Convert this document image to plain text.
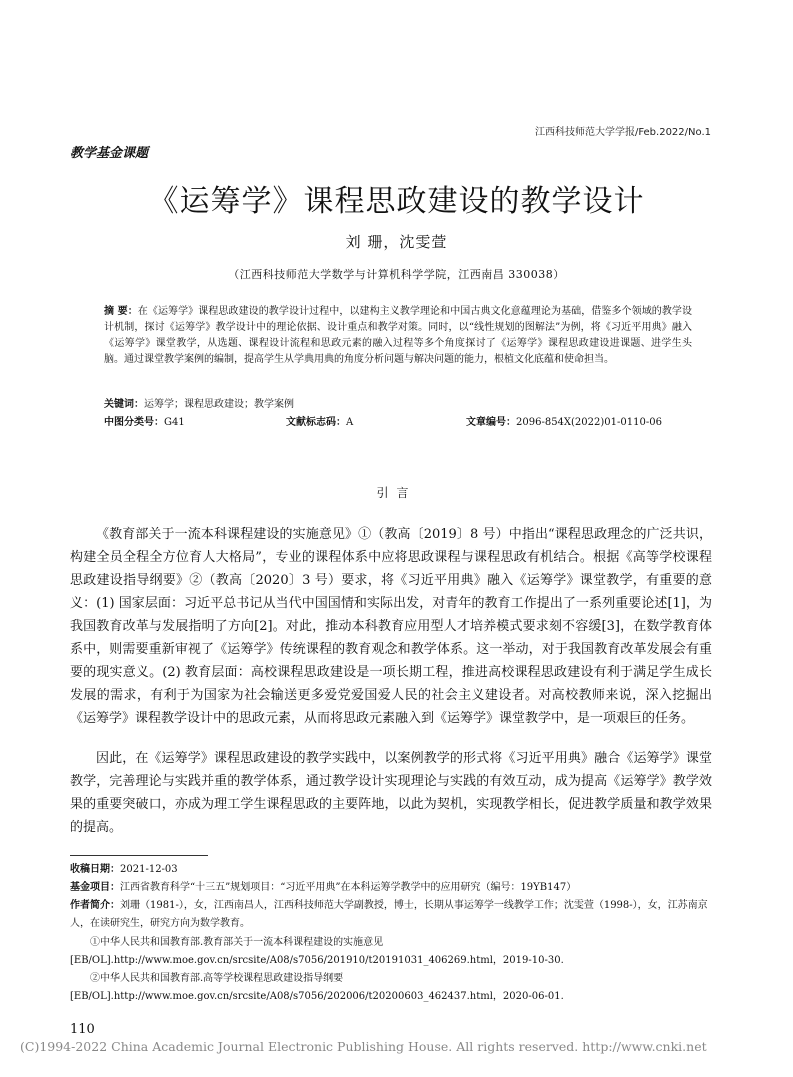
江西科技师范大学学报/Feb.2022/No.1
教学基金课题
《运筹学》课程思政建设的教学设计
刘 珊，沈雯萱
（江西科技师范大学数学与计算机科学学院，江西南昌 330038）
摘 要：在《运筹学》课程思政建设的教学设计过程中，以建构主义教学理论和中国古典文化意蕴理论为基础，借鉴多个领域的教学设计机制，探讨《运筹学》教学设计中的理论依据、设计重点和教学对策。同时，以“线性规划的图解法”为例，将《习近平用典》融入《运筹学》课堂教学，从选题、课程设计流程和思政元素的融入过程等多个角度探讨了《运筹学》课程思政建设进课题、进学生头脑。通过课堂教学案例的编制，提高学生从学典用典的角度分析问题与解决问题的能力，根植文化底蕴和使命担当。
关键词：运筹学；课程思政建设；教学案例
中图分类号：G41	文献标志码：A	文章编号：2096-854X(2022)01-0110-06
引言
《教育部关于一流本科课程建设的实施意见》①（教高〔2019〕8 号）中指出“课程思政理念的广泛共识，构建全员全程全方位育人大格局”，专业的课程体系中应将思政课程与课程思政有机结合。根据《高等学校课程思政建设指导纲要》②（教高〔2020〕3 号）要求，将《习近平用典》融入《运筹学》课堂教学，有重要的意义：(1) 国家层面：习近平总书记从当代中国国情和实际出发，对青年的教育工作提出了一系列重要论述[1]，为我国教育改革与发展指明了方向[2]。对此，推动本科教育应用型人才培养模式要求刻不容缓[3]，在数学教育体系中，则需要重新审视了《运筹学》传统课程的教育观念和教学体系。这一举动，对于我国教育改革发展会有重要的现实意义。(2) 教育层面：高校课程思政建设是一项长期工程，推进高校课程思政建设有利于满足学生成长发展的需求，有利于为国家为社会输送更多爱党爱国爱人民的社会主义建设者。对高校教师来说，深入挖掘出《运筹学》课程教学设计中的思政元素，从而将思政元素融入到《运筹学》课堂教学中，是一项艰巨的任务。
因此，在《运筹学》课程思政建设的教学实践中，以案例教学的形式将《习近平用典》融合《运筹学》课堂教学，完善理论与实践并重的教学体系，通过教学设计实现理论与实践的有效互动，成为提高《运筹学》教学效果的重要突破口，亦成为理工学生课程思政的主要阵地，以此为契机，实现教学相长，促进教学质量和教学效果的提高。
收稿日期：2021-12-03
基金项目：江西省教育科学“十三五”规划项目：“习近平用典”在本科运筹学教学中的应用研究（编号：19YB147）
作者简介：刘珊（1981-），女，江西南昌人，江西科技师范大学副教授，博士，长期从事运筹学一线教学工作；沈雯萱（1998-），女，江苏南京人，在读研究生，研究方向为数学教育。
①中华人民共和国教育部.教育部关于一流本科课程建设的实施意见[EB/OL].http://www.moe.gov.cn/srcsite/A08/s7056/201910/t20191031_406269.html，2019-10-30.
②中华人民共和国教育部.高等学校课程思政建设指导纲要[EB/OL].http://www.moe.gov.cn/srcsite/A08/s7056/202006/t20200603_462437.html，2020-06-01.
110
(C)1994-2022 China Academic Journal Electronic Publishing House. All rights reserved. http://www.cnki.net
